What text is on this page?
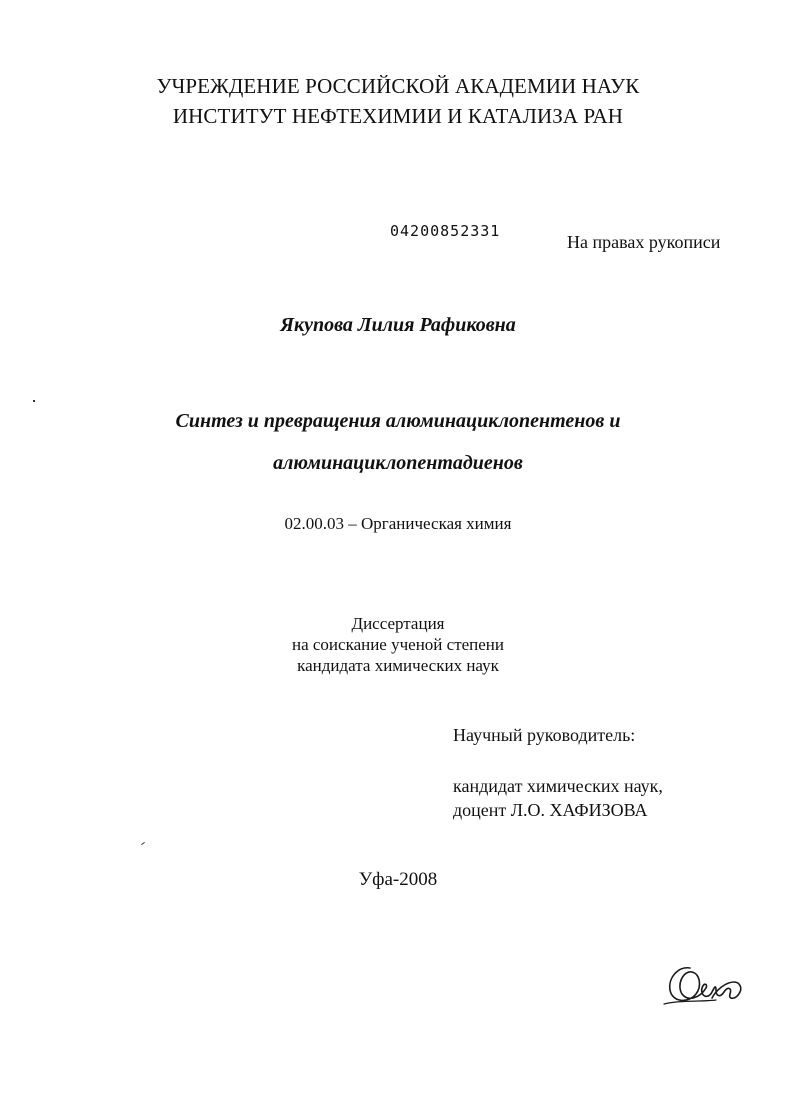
УЧРЕЖДЕНИЕ РОССИЙСКОЙ АКАДЕМИИ НАУК
ИНСТИТУТ НЕФТЕХИМИИ И КАТАЛИЗА РАН
04200852331
На правах рукописи
Якупова Лилия Рафиковна
Синтез и превращения алюминациклопентенов и
алюминациклопентадиенов
02.00.03 – Органическая химия
Диссертация
на соискание ученой степени
кандидата химических наук
Научный руководитель:
кандидат химических наук,
доцент Л.О. ХАФИЗОВА
Уфа-2008
